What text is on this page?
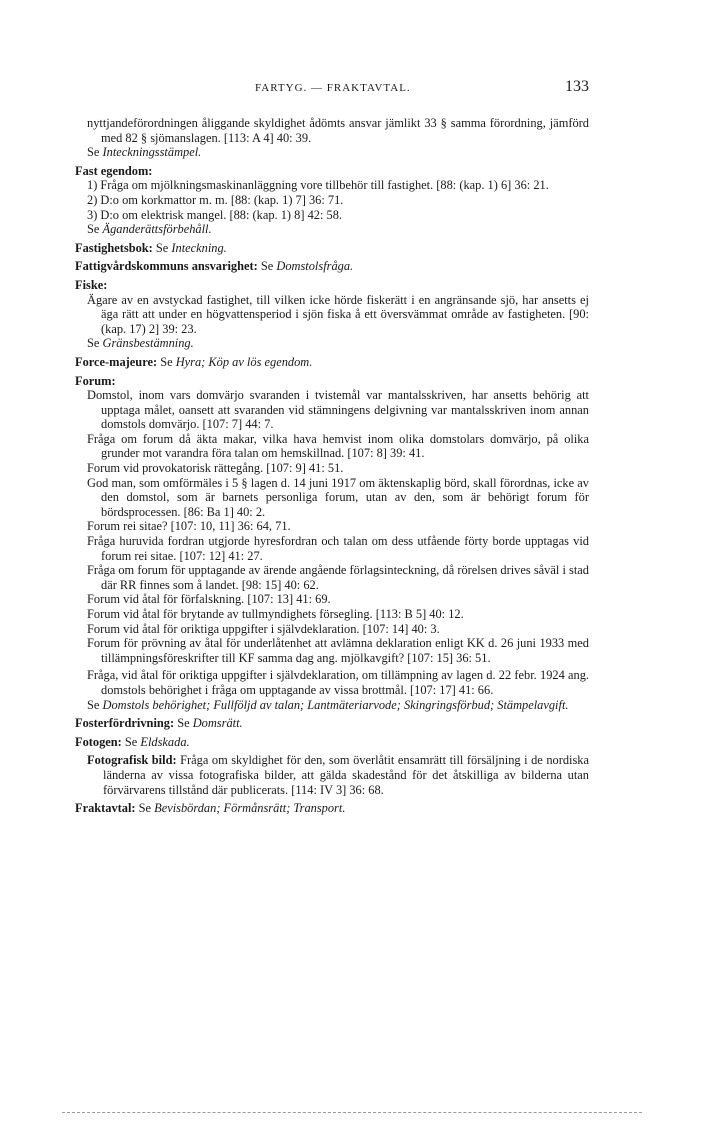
FARTYG. — FRAKTAVTAL.	133
nyttjandeförordningen åliggande skyldighet ådömts ansvar jämlikt 33 § samma förordning, jämförd med 82 § sjömanslagen. [113: A 4] 40: 39.
Se Inteckningsstämpel.
Fast egendom:
1) Fråga om mjölkningsmaskinanläggning vore tillbehör till fastighet. [88: (kap. 1) 6] 36: 21.
2) D:o om korkmattor m. m. [88: (kap. 1) 7] 36: 71.
3) D:o om elektrisk mangel. [88: (kap. 1) 8] 42: 58.
Se Äganderättsförbehåll.
Fastighetsbok: Se Inteckning.
Fattigvårdskommuns ansvarighet: Se Domstolsfråga.
Fiske:
Ägare av en avstyckad fastighet, till vilken icke hörde fiskerätt i en angränsande sjö, har ansetts ej äga rätt att under en högvattensperiod i sjön fiska å ett översvämmat område av fastigheten. [90: (kap. 17) 2] 39: 23.
Se Gränsbestämning.
Force-majeure: Se Hyra; Köp av lös egendom.
Forum:
Domstol, inom vars domvärjo svaranden i tvistemål var mantalsskriven, har ansetts behörig att upptaga målet, oansett att svaranden vid stämningens delgivning var mantalsskriven inom annan domstols domvärjo. [107: 7] 44: 7.
Fråga om forum då äkta makar, vilka hava hemvist inom olika domstolars domvärjo, på olika grunder mot varandra föra talan om hemskillnad. [107: 8] 39: 41.
Forum vid provokatorisk rättegång. [107: 9] 41: 51.
God man, som omförmäles i 5 § lagen d. 14 juni 1917 om äktenskaplig börd, skall förordnas, icke av den domstol, som är barnets personliga forum, utan av den, som är behörigt forum för bördsprocessen. [86: Ba 1] 40: 2.
Forum rei sitae? [107: 10, 11] 36: 64, 71.
Fråga huruvida fordran utgjorde hyresfordran och talan om dess utfående förty borde upptagas vid forum rei sitae. [107: 12] 41: 27.
Fråga om forum för upptagande av ärende angående förlagsinteckning, då rörelsen drives såväl i stad där RR finnes som å landet. [98: 15] 40: 62.
Forum vid åtal för förfalskning. [107: 13] 41: 69.
Forum vid åtal för brytande av tullmyndighets försegling. [113: B 5] 40: 12.
Forum vid åtal för oriktiga uppgifter i självdeklaration. [107: 14] 40: 3.
Forum för prövning av åtal för underlåtenhet att avlämna deklaration enligt KK d. 26 juni 1933 med tillämpningsföreskrifter till KF samma dag ang. mjölkavgift? [107: 15] 36: 51.
Fråga, vid åtal för oriktiga uppgifter i självdeklaration, om tillämpning av lagen d. 22 febr. 1924 ang. domstols behörighet i fråga om upptagande av vissa brottmål. [107: 17] 41: 66.
Se Domstols behörighet; Fullföljd av talan; Lantmäteriarvode; Skingringsförbud; Stämpelavgift.
Fosterfördrivning: Se Domsrätt.
Fotogen: Se Eldskada.
Fotografisk bild: Fråga om skyldighet för den, som överlåtit ensamrätt till försäljning i de nordiska länderna av vissa fotografiska bilder, att gälda skadestånd för det åtskilliga av bilderna utan förvärvarens tillstånd där publicerats. [114: IV 3] 36: 68.
Fraktavtal: Se Bevisbördan; Förmånsrätt; Transport.
